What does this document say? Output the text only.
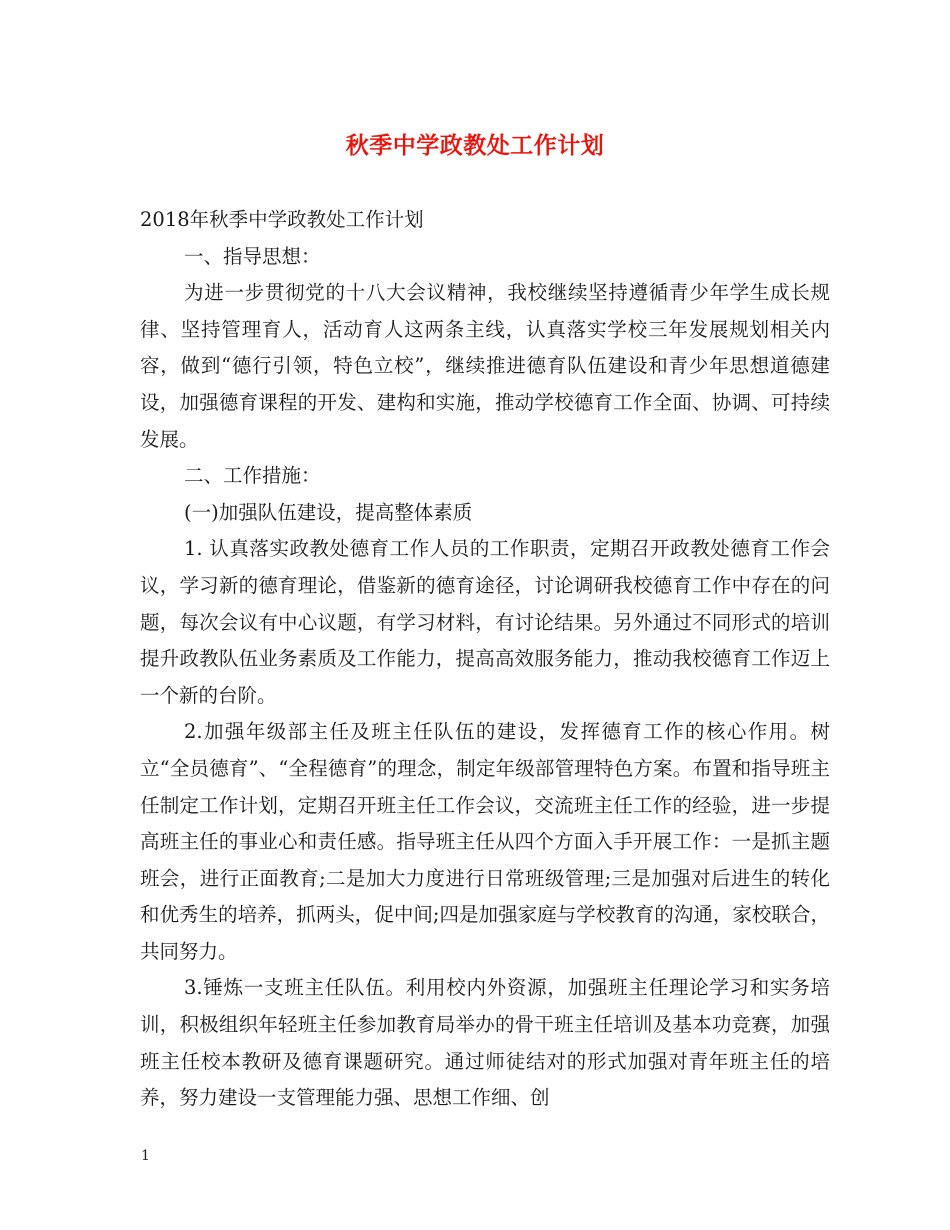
秋季中学政教处工作计划

2018年秋季中学政教处工作计划

一、指导思想：

为进一步贯彻党的十八大会议精神，我校继续坚持遵循青少年学生成长规律、坚持管理育人，活动育人这两条主线，认真落实学校三年发展规划相关内容，做到“德行引领，特色立校”，继续推进德育队伍建设和青少年思想道德建设，加强德育课程的开发、建构和实施，推动学校德育工作全面、协调、可持续发展。

二、工作措施：

(一)加强队伍建设，提高整体素质

1. 认真落实政教处德育工作人员的工作职责，定期召开政教处德育工作会议，学习新的德育理论，借鉴新的德育途径，讨论调研我校德育工作中存在的问题，每次会议有中心议题，有学习材料，有讨论结果。另外通过不同形式的培训提升政教队伍业务素质及工作能力，提高高效服务能力，推动我校德育工作迈上一个新的台阶。

2.加强年级部主任及班主任队伍的建设，发挥德育工作的核心作用。树立“全员德育”、“全程德育”的理念，制定年级部管理特色方案。布置和指导班主任制定工作计划，定期召开班主任工作会议，交流班主任工作的经验，进一步提高班主任的事业心和责任感。指导班主任从四个方面入手开展工作：一是抓主题班会，进行正面教育;二是加大力度进行日常班级管理;三是加强对后进生的转化和优秀生的培养，抓两头，促中间;四是加强家庭与学校教育的沟通，家校联合，共同努力。

3.锤炼一支班主任队伍。利用校内外资源，加强班主任理论学习和实务培训，积极组织年轻班主任参加教育局举办的骨干班主任培训及基本功竞赛，加强班主任校本教研及德育课题研究。通过师徒结对的形式加强对青年班主任的培养，努力建设一支管理能力强、思想工作细、创

1
